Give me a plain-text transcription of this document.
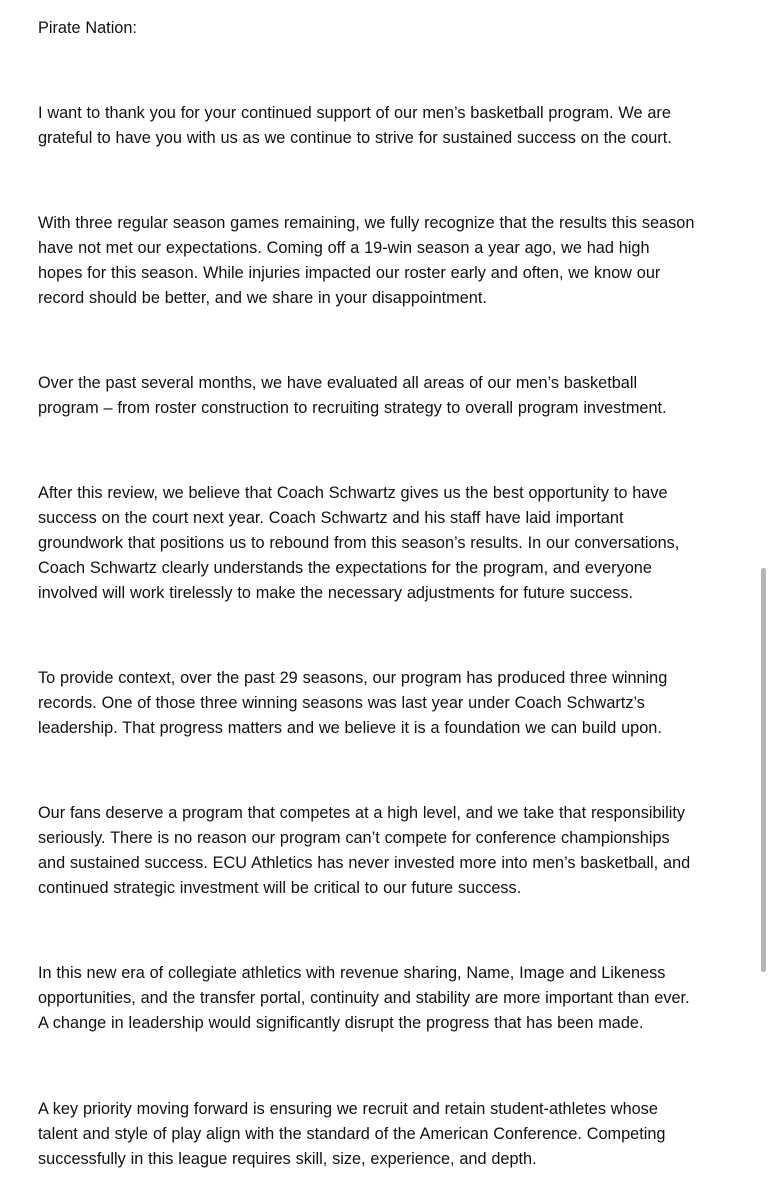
Pirate Nation:

I want to thank you for your continued support of our men’s basketball program. We are
grateful to have you with us as we continue to strive for sustained success on the court.

With three regular season games remaining, we fully recognize that the results this season
have not met our expectations. Coming off a 19-win season a year ago, we had high
hopes for this season. While injuries impacted our roster early and often, we know our
record should be better, and we share in your disappointment.

Over the past several months, we have evaluated all areas of our men’s basketball
program – from roster construction to recruiting strategy to overall program investment.

After this review, we believe that Coach Schwartz gives us the best opportunity to have
success on the court next year. Coach Schwartz and his staff have laid important
groundwork that positions us to rebound from this season’s results. In our conversations,
Coach Schwartz clearly understands the expectations for the program, and everyone
involved will work tirelessly to make the necessary adjustments for future success.

To provide context, over the past 29 seasons, our program has produced three winning
records. One of those three winning seasons was last year under Coach Schwartz’s
leadership. That progress matters and we believe it is a foundation we can build upon.

Our fans deserve a program that competes at a high level, and we take that responsibility
seriously. There is no reason our program can’t compete for conference championships
and sustained success. ECU Athletics has never invested more into men’s basketball, and
continued strategic investment will be critical to our future success.

In this new era of collegiate athletics with revenue sharing, Name, Image and Likeness
opportunities, and the transfer portal, continuity and stability are more important than ever.
A change in leadership would significantly disrupt the progress that has been made.

A key priority moving forward is ensuring we recruit and retain student-athletes whose
talent and style of play align with the standard of the American Conference. Competing
successfully in this league requires skill, size, experience, and depth.
